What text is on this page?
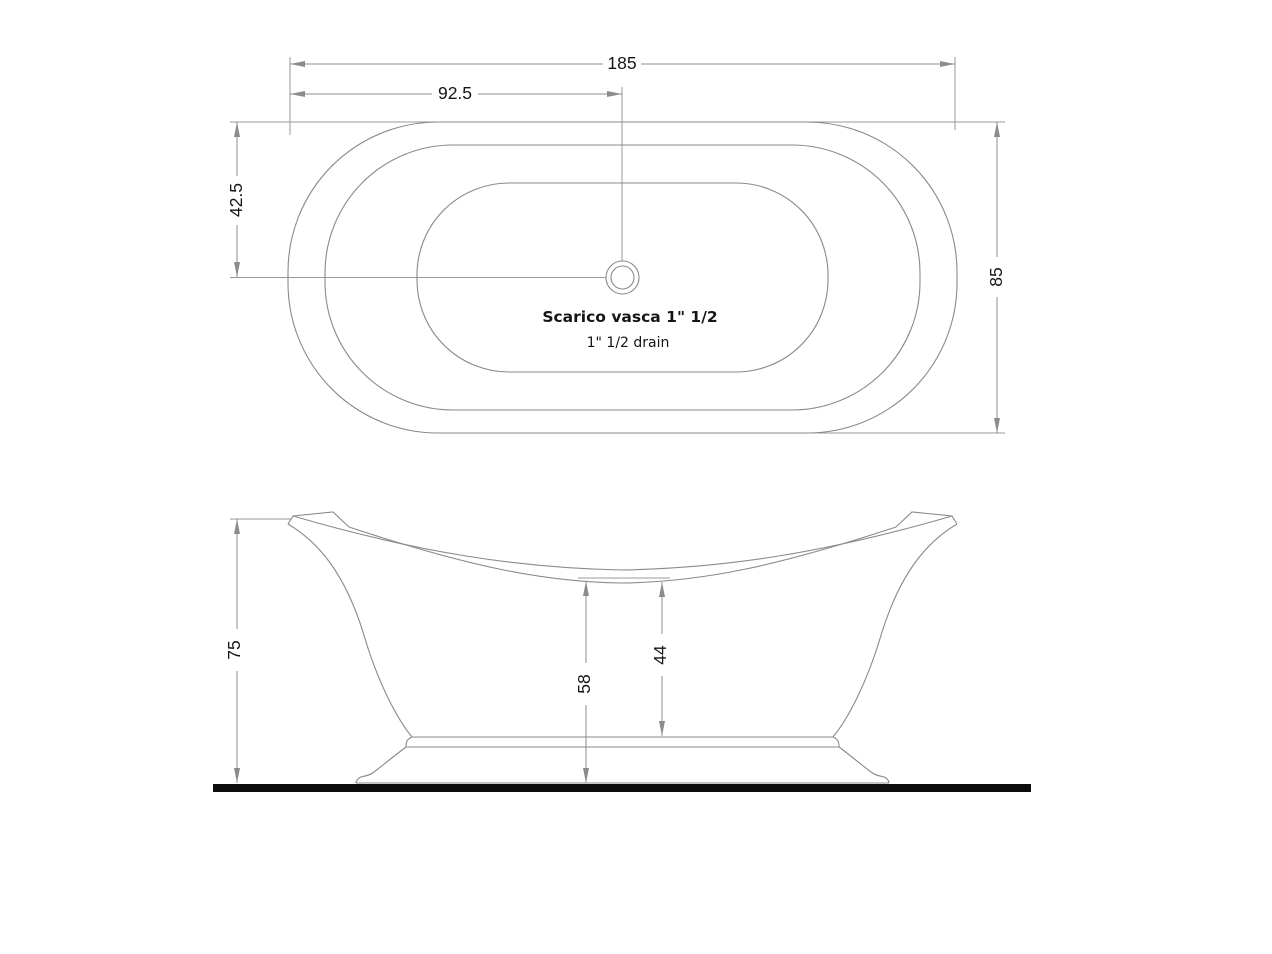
185
92.5
42.5
85
Scarico vasca 1" 1/2
1" 1/2 drain
75
58
44
